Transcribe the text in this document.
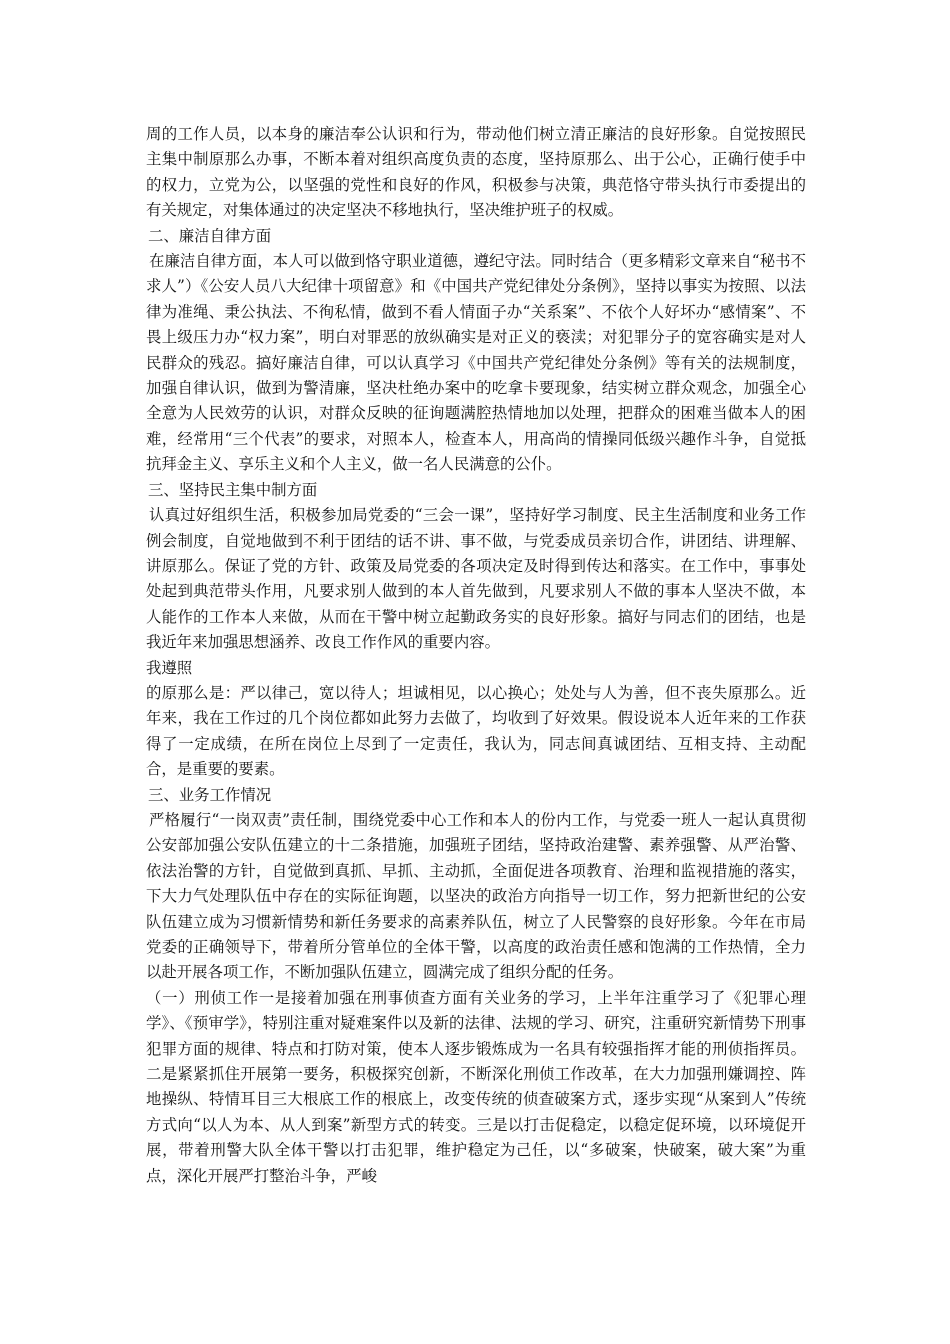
周的工作人员，以本身的廉洁奉公认识和行为，带动他们树立清正廉洁的良好形象。自觉按照民主集中制原那么办事，不断本着对组织高度负责的态度，坚持原那么、出于公心，正确行使手中的权力，立党为公，以坚强的党性和良好的作风，积极参与决策，典范恪守带头执行市委提出的有关规定，对集体通过的决定坚决不移地执行，坚决维护班子的权威。

二、廉洁自律方面

在廉洁自律方面，本人可以做到恪守职业道德，遵纪守法。同时结合（更多精彩文章来自“秘书不求人”）《公安人员八大纪律十项留意》和《中国共产党纪律处分条例》，坚持以事实为按照、以法律为准绳、秉公执法、不徇私情，做到不看人情面子办“关系案”、不依个人好坏办“感情案”、不畏上级压力办“权力案”，明白对罪恶的放纵确实是对正义的亵渎；对犯罪分子的宽容确实是对人民群众的残忍。搞好廉洁自律，可以认真学习《中国共产党纪律处分条例》等有关的法规制度，加强自律认识，做到为警清廉，坚决杜绝办案中的吃拿卡要现象，结实树立群众观念，加强全心全意为人民效劳的认识，对群众反映的征询题满腔热情地加以处理，把群众的困难当做本人的困难，经常用“三个代表”的要求，对照本人，检查本人，用高尚的情操同低级兴趣作斗争，自觉抵抗拜金主义、享乐主义和个人主义，做一名人民满意的公仆。

三、坚持民主集中制方面

认真过好组织生活，积极参加局党委的“三会一课”，坚持好学习制度、民主生活制度和业务工作例会制度，自觉地做到不利于团结的话不讲、事不做，与党委成员亲切合作，讲团结、讲理解、讲原那么。保证了党的方针、政策及局党委的各项决定及时得到传达和落实。在工作中，事事处处起到典范带头作用，凡要求别人做到的本人首先做到，凡要求别人不做的事本人坚决不做，本人能作的工作本人来做，从而在干警中树立起勤政务实的良好形象。搞好与同志们的团结，也是我近年来加强思想涵养、改良工作作风的重要内容。

我遵照

的原那么是：严以律己，宽以待人；坦诚相见，以心换心；处处与人为善，但不丧失原那么。近年来，我在工作过的几个岗位都如此努力去做了，均收到了好效果。假设说本人近年来的工作获得了一定成绩，在所在岗位上尽到了一定责任，我认为，同志间真诚团结、互相支持、主动配合，是重要的要素。

三、业务工作情况

严格履行“一岗双责”责任制，围绕党委中心工作和本人的份内工作，与党委一班人一起认真贯彻公安部加强公安队伍建立的十二条措施，加强班子团结，坚持政治建警、素养强警、从严治警、依法治警的方针，自觉做到真抓、早抓、主动抓，全面促进各项教育、治理和监视措施的落实，下大力气处理队伍中存在的实际征询题，以坚决的政治方向指导一切工作，努力把新世纪的公安队伍建立成为习惯新情势和新任务要求的高素养队伍，树立了人民警察的良好形象。今年在市局党委的正确领导下，带着所分管单位的全体干警，以高度的政治责任感和饱满的工作热情，全力以赴开展各项工作，不断加强队伍建立，圆满完成了组织分配的任务。

（一）刑侦工作一是接着加强在刑事侦查方面有关业务的学习，上半年注重学习了《犯罪心理学》、《预审学》，特别注重对疑难案件以及新的法律、法规的学习、研究，注重研究新情势下刑事犯罪方面的规律、特点和打防对策，使本人逐步锻炼成为一名具有较强指挥才能的刑侦指挥员。二是紧紧抓住开展第一要务，积极探究创新，不断深化刑侦工作改革，在大力加强刑嫌调控、阵地操纵、特情耳目三大根底工作的根底上，改变传统的侦查破案方式，逐步实现“从案到人”传统方式向“以人为本、从人到案”新型方式的转变。三是以打击促稳定，以稳定促环境，以环境促开展，带着刑警大队全体干警以打击犯罪，维护稳定为己任，以“多破案，快破案，破大案”为重点，深化开展严打整治斗争，严峻
